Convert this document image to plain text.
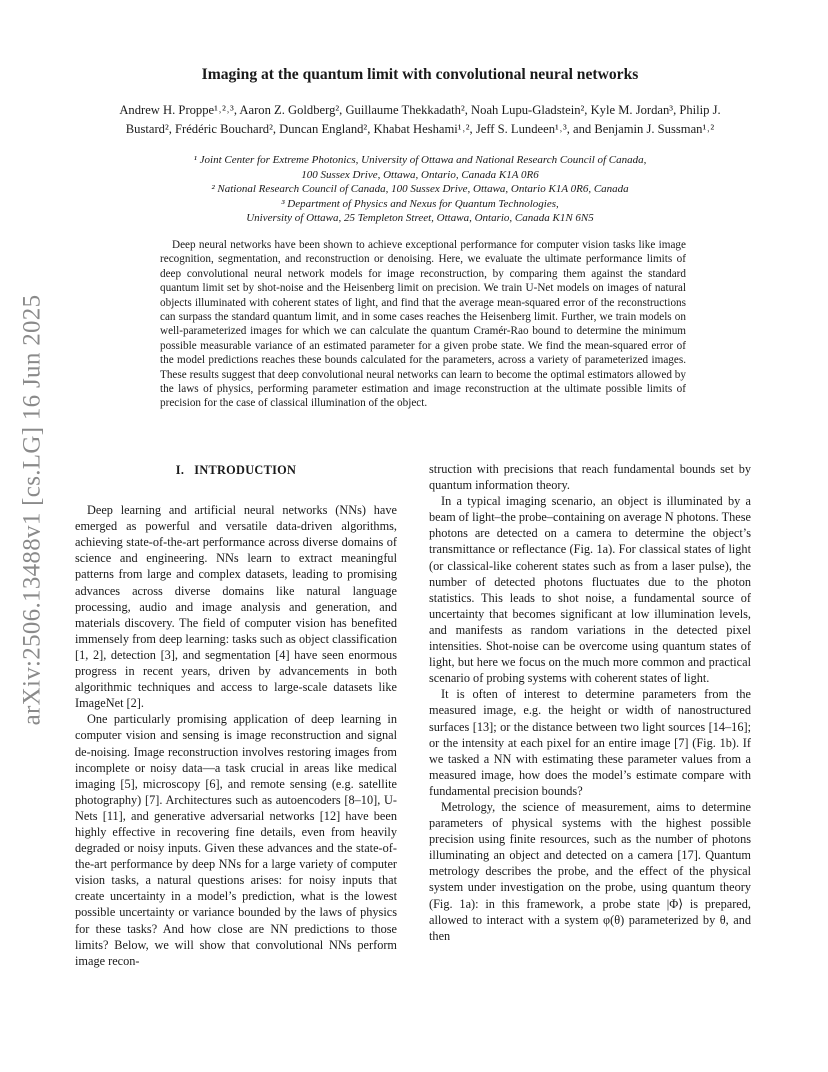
arXiv:2506.13488v1 [cs.LG] 16 Jun 2025
Imaging at the quantum limit with convolutional neural networks

Andrew H. Proppe¹˒²˒³, Aaron Z. Goldberg², Guillaume Thekkadath², Noah Lupu-Gladstein², Kyle M. Jordan³, Philip J. Bustard², Frédéric Bouchard², Duncan England², Khabat Heshami¹˒², Jeff S. Lundeen¹˒³, and Benjamin J. Sussman¹˒²

¹ Joint Center for Extreme Photonics, University of Ottawa and National Research Council of Canada,
100 Sussex Drive, Ottawa, Ontario, Canada K1A 0R6
² National Research Council of Canada, 100 Sussex Drive, Ottawa, Ontario K1A 0R6, Canada
³ Department of Physics and Nexus for Quantum Technologies,
University of Ottawa, 25 Templeton Street, Ottawa, Ontario, Canada K1N 6N5

Deep neural networks have been shown to achieve exceptional performance for computer vision tasks like image recognition, segmentation, and reconstruction or denoising. Here, we evaluate the ultimate performance limits of deep convolutional neural network models for image reconstruction, by comparing them against the standard quantum limit set by shot-noise and the Heisenberg limit on precision. We train U-Net models on images of natural objects illuminated with coherent states of light, and find that the average mean-squared error of the reconstructions can surpass the standard quantum limit, and in some cases reaches the Heisenberg limit. Further, we train models on well-parameterized images for which we can calculate the quantum Cramér-Rao bound to determine the minimum possible measurable variance of an estimated parameter for a given probe state. We find the mean-squared error of the model predictions reaches these bounds calculated for the parameters, across a variety of parameterized images. These results suggest that deep convolutional neural networks can learn to become the optimal estimators allowed by the laws of physics, performing parameter estimation and image reconstruction at the ultimate possible limits of precision for the case of classical illumination of the object.

I. INTRODUCTION

Deep learning and artificial neural networks (NNs) have emerged as powerful and versatile data-driven algorithms, achieving state-of-the-art performance across diverse domains of science and engineering. NNs learn to extract meaningful patterns from large and complex datasets, leading to promising advances across diverse domains like natural language processing, audio and image analysis and generation, and materials discovery. The field of computer vision has benefited immensely from deep learning: tasks such as object classification [1, 2], detection [3], and segmentation [4] have seen enormous progress in recent years, driven by advancements in both algorithmic techniques and access to large-scale datasets like ImageNet [2].

One particularly promising application of deep learning in computer vision and sensing is image reconstruction and signal de-noising. Image reconstruction involves restoring images from incomplete or noisy data—a task crucial in areas like medical imaging [5], microscopy [6], and remote sensing (e.g. satellite photography) [7]. Architectures such as autoencoders [8–10], U-Nets [11], and generative adversarial networks [12] have been highly effective in recovering fine details, even from heavily degraded or noisy inputs. Given these advances and the state-of-the-art performance by deep NNs for a large variety of computer vision tasks, a natural questions arises: for noisy inputs that create uncertainty in a model’s prediction, what is the lowest possible uncertainty or variance bounded by the laws of physics for these tasks? And how close are NN predictions to those limits? Below, we will show that convolutional NNs perform image recon-

struction with precisions that reach fundamental bounds set by quantum information theory.

In a typical imaging scenario, an object is illuminated by a beam of light–the probe–containing on average N photons. These photons are detected on a camera to determine the object’s transmittance or reflectance (Fig. 1a). For classical states of light (or classical-like coherent states such as from a laser pulse), the number of detected photons fluctuates due to the photon statistics. This leads to shot noise, a fundamental source of uncertainty that becomes significant at low illumination levels, and manifests as random variations in the detected pixel intensities. Shot-noise can be overcome using quantum states of light, but here we focus on the much more common and practical scenario of probing systems with coherent states of light.

It is often of interest to determine parameters from the measured image, e.g. the height or width of nanostructured surfaces [13]; or the distance between two light sources [14–16]; or the intensity at each pixel for an entire image [7] (Fig. 1b). If we tasked a NN with estimating these parameter values from a measured image, how does the model’s estimate compare with fundamental precision bounds?

Metrology, the science of measurement, aims to determine parameters of physical systems with the highest possible precision using finite resources, such as the number of photons illuminating an object and detected on a camera [17]. Quantum metrology describes the probe, and the effect of the physical system under investigation on the probe, using quantum theory (Fig. 1a): in this framework, a probe state |Φ⟩ is prepared, allowed to interact with a system φ(θ) parameterized by θ, and then
